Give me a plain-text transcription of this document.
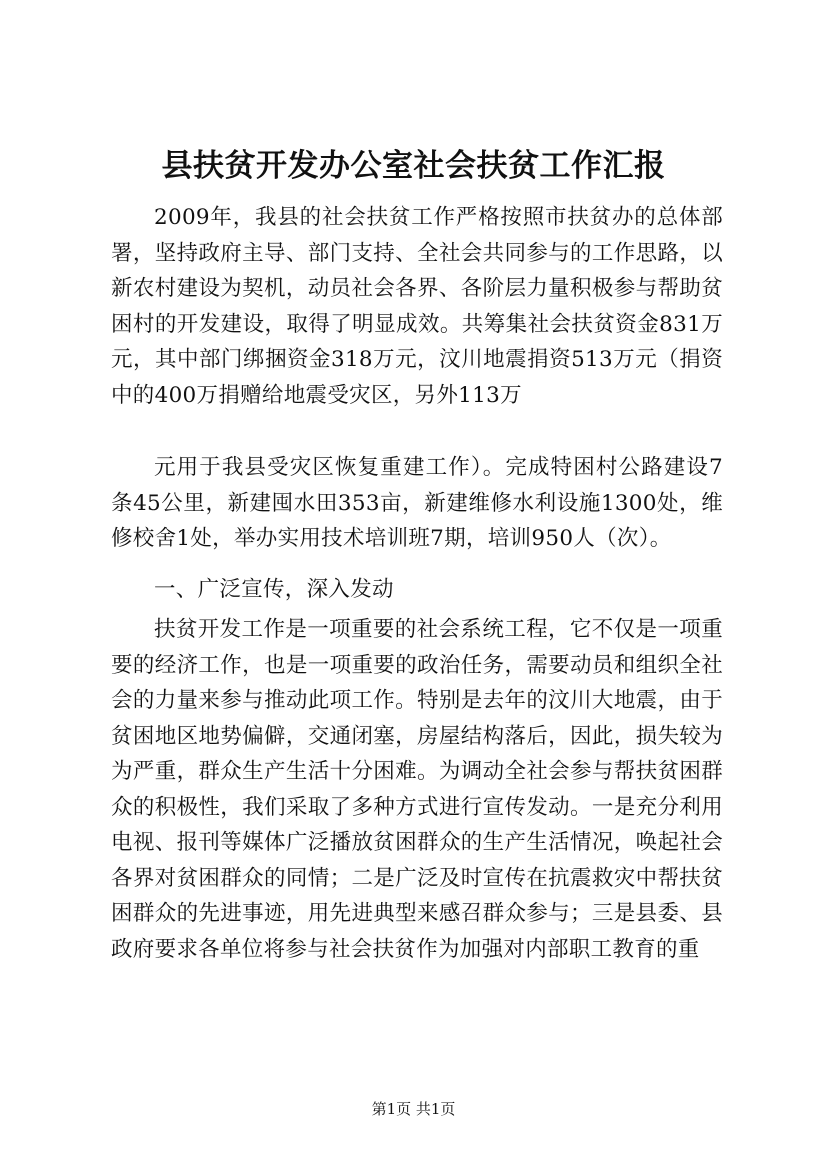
县扶贫开发办公室社会扶贫工作汇报

2009年，我县的社会扶贫工作严格按照市扶贫办的总体部署，坚持政府主导、部门支持、全社会共同参与的工作思路，以新农村建设为契机，动员社会各界、各阶层力量积极参与帮助贫困村的开发建设，取得了明显成效。共筹集社会扶贫资金831万元，其中部门绑捆资金318万元，汶川地震捐资513万元（捐资中的400万捐赠给地震受灾区，另外113万

元用于我县受灾区恢复重建工作）。完成特困村公路建设7条45公里，新建囤水田353亩，新建维修水利设施1300处，维修校舍1处，举办实用技术培训班7期，培训950人（次）。

一、广泛宣传，深入发动

扶贫开发工作是一项重要的社会系统工程，它不仅是一项重要的经济工作，也是一项重要的政治任务，需要动员和组织全社会的力量来参与推动此项工作。特别是去年的汶川大地震，由于贫困地区地势偏僻，交通闭塞，房屋结构落后，因此，损失较为为严重，群众生产生活十分困难。为调动全社会参与帮扶贫困群众的积极性，我们采取了多种方式进行宣传发动。一是充分利用电视、报刊等媒体广泛播放贫困群众的生产生活情况，唤起社会各界对贫困群众的同情；二是广泛及时宣传在抗震救灾中帮扶贫困群众的先进事迹，用先进典型来感召群众参与；三是县委、县政府要求各单位将参与社会扶贫作为加强对内部职工教育的重

第1页 共1页
